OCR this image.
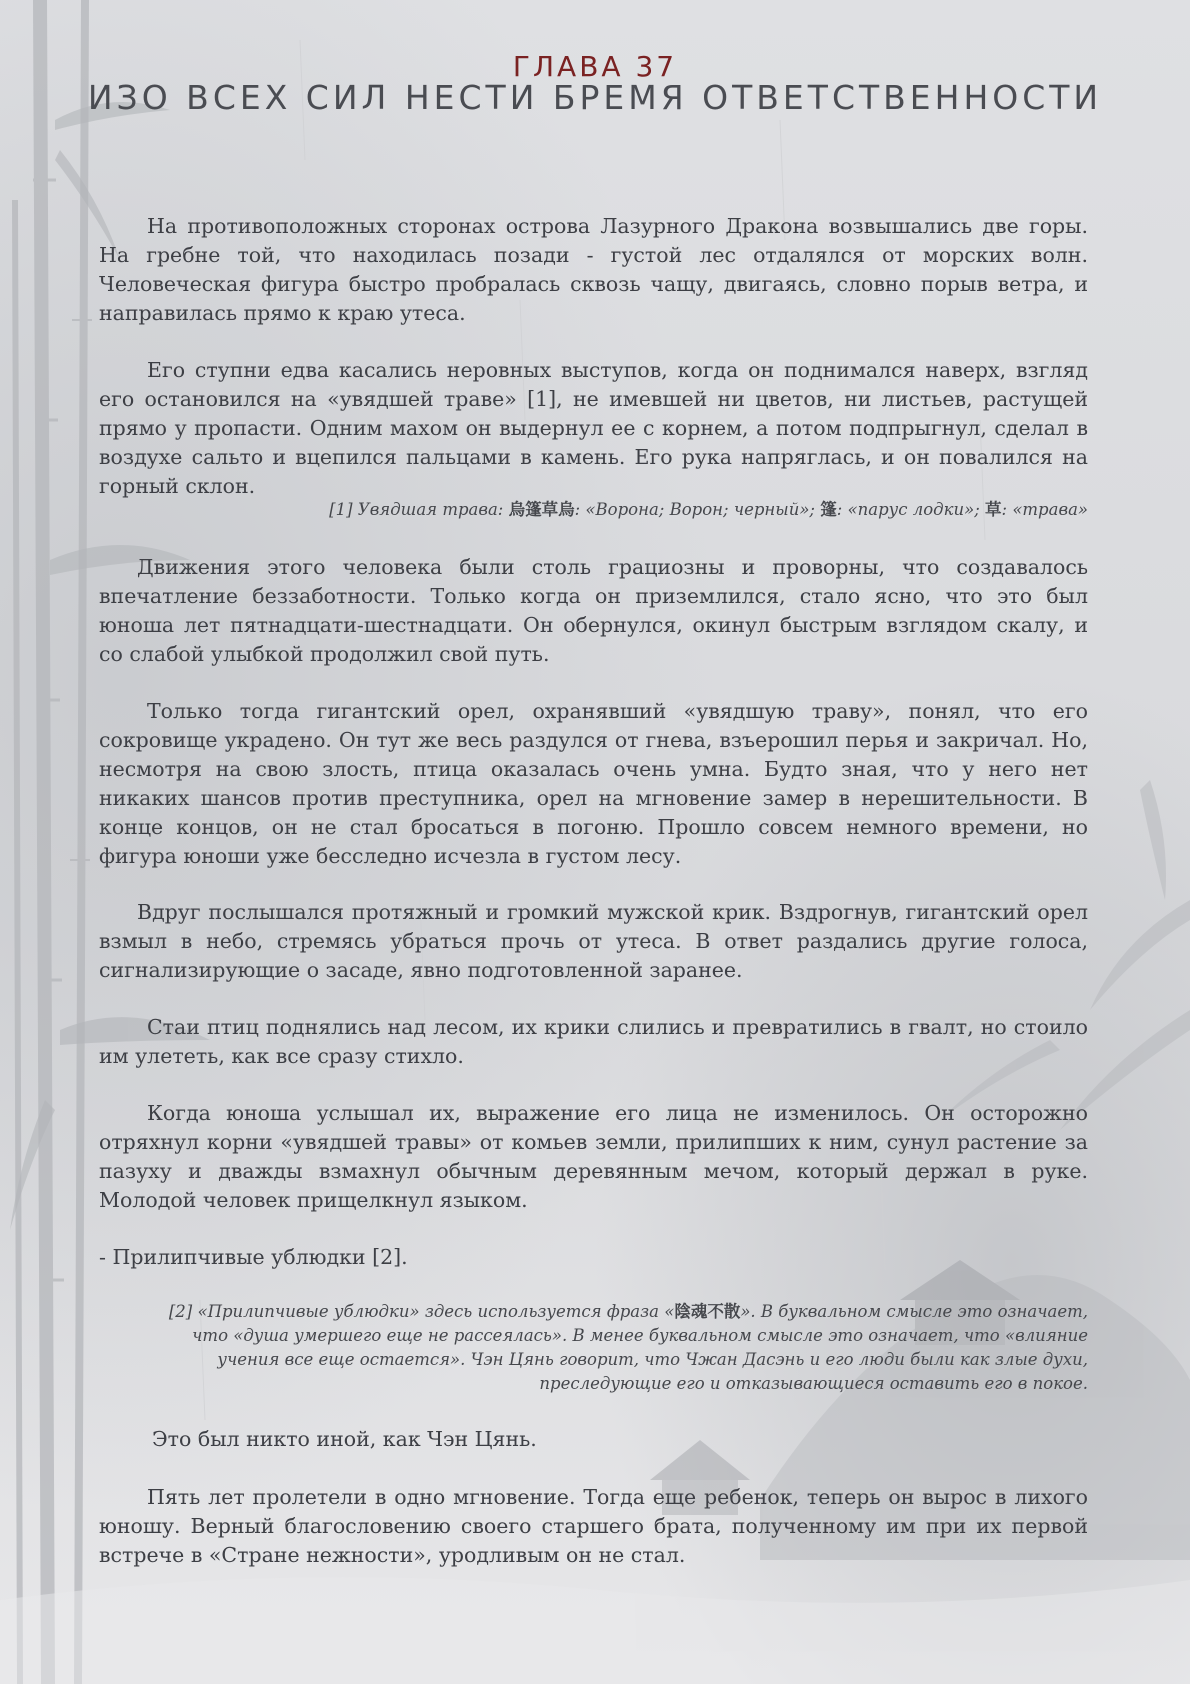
ГЛАВА 37
ИЗО ВСЕХ СИЛ НЕСТИ БРЕМЯ ОТВЕТСТВЕННОСТИ

На противоположных сторонах острова Лазурного Дракона возвышались две горы. На гребне той, что находилась позади - густой лес отдалялся от морских волн. Человеческая фигура быстро пробралась сквозь чащу, двигаясь, словно порыв ветра, и направилась прямо к краю утеса.

Его ступни едва касались неровных выступов, когда он поднимался наверх, взгляд его остановился на «увядшей траве» [1], не имевшей ни цветов, ни листьев, растущей прямо у пропасти. Одним махом он выдернул ее с корнем, а потом подпрыгнул, сделал в воздухе сальто и вцепился пальцами в камень. Его рука напряглась, и он повалился на горный склон.

[1] Увядшая трава: 烏篷草烏: «Ворона; Ворон; черный»; 篷: «парус лодки»; 草: «трава»

Движения этого человека были столь грациозны и проворны, что создавалось впечатление беззаботности. Только когда он приземлился, стало ясно, что это был юноша лет пятнадцати-шестнадцати. Он обернулся, окинул быстрым взглядом скалу, и со слабой улыбкой продолжил свой путь.

Только тогда гигантский орел, охранявший «увядшую траву», понял, что его сокровище украдено. Он тут же весь раздулся от гнева, взъерошил перья и закричал. Но, несмотря на свою злость, птица оказалась очень умна. Будто зная, что у него нет никаких шансов против преступника, орел на мгновение замер в нерешительности. В конце концов, он не стал бросаться в погоню. Прошло совсем немного времени, но фигура юноши уже бесследно исчезла в густом лесу.

Вдруг послышался протяжный и громкий мужской крик. Вздрогнув, гигантский орел взмыл в небо, стремясь убраться прочь от утеса. В ответ раздались другие голоса, сигнализирующие о засаде, явно подготовленной заранее.

Стаи птиц поднялись над лесом, их крики слились и превратились в гвалт, но стоило им улететь, как все сразу стихло.

Когда юноша услышал их, выражение его лица не изменилось. Он осторожно отряхнул корни «увядшей травы» от комьев земли, прилипших к ним, сунул растение за пазуху и дважды взмахнул обычным деревянным мечом, который держал в руке. Молодой человек прищелкнул языком.

- Прилипчивые ублюдки [2].

[2] «Прилипчивые ублюдки» здесь используется фраза «陰魂不散». В буквальном смысле это означает, что «душа умершего еще не рассеялась». В менее буквальном смысле это означает, что «влияние учения все еще остается». Чэн Цянь говорит, что Чжан Дасэнь и его люди были как злые духи, преследующие его и отказывающиеся оставить его в покое.

Это был никто иной, как Чэн Цянь.

Пять лет пролетели в одно мгновение. Тогда еще ребенок, теперь он вырос в лихого юношу. Верный благословению своего старшего брата, полученному им при их первой встрече в «Стране нежности», уродливым он не стал.
